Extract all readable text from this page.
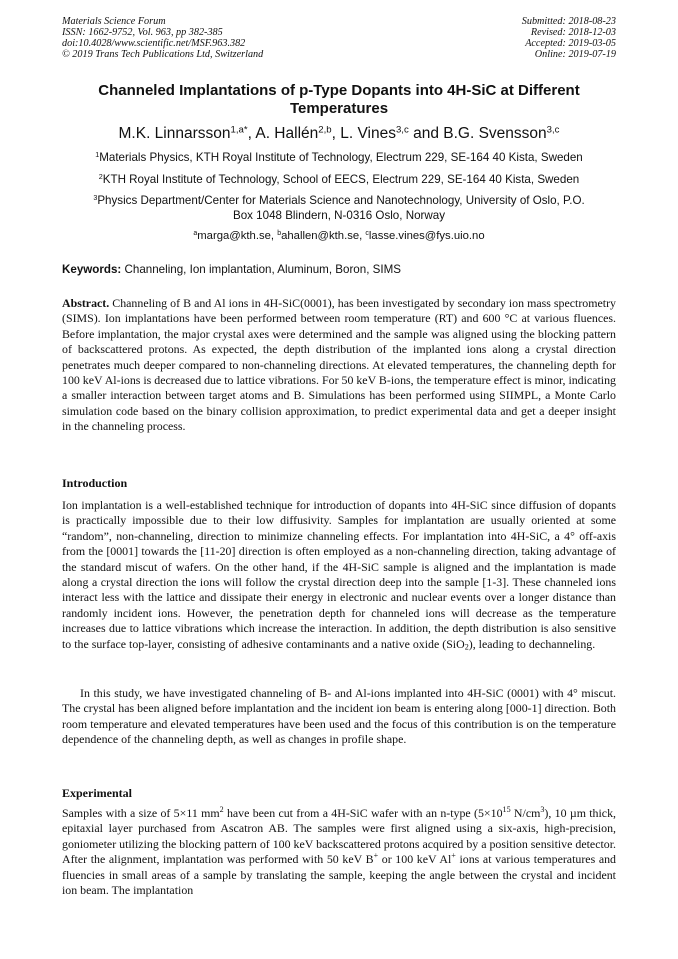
Materials Science Forum
ISSN: 1662-9752, Vol. 963, pp 382-385
doi:10.4028/www.scientific.net/MSF.963.382
© 2019 Trans Tech Publications Ltd, Switzerland
Submitted: 2018-08-23
Revised: 2018-12-03
Accepted: 2019-03-05
Online: 2019-07-19
Channeled Implantations of p-Type Dopants into 4H-SiC at Different Temperatures
M.K. Linnarsson$^{1,a*}$, A. Hallén$^{2,b}$, L. Vines$^{3,c}$ and B.G. Svensson$^{3,c}$
$^1$Materials Physics, KTH Royal Institute of Technology, Electrum 229, SE-164 40 Kista, Sweden
$^2$KTH Royal Institute of Technology, School of EECS, Electrum 229, SE-164 40 Kista, Sweden
$^3$Physics Department/Center for Materials Science and Nanotechnology, University of Oslo, P.O. Box 1048 Blindern, N-0316 Oslo, Norway
$^a$marga@kth.se, $^b$ahallen@kth.se, $^c$lasse.vines@fys.uio.no
Keywords: Channeling, Ion implantation, Aluminum, Boron, SIMS
Abstract. Channeling of B and Al ions in 4H-SiC(0001), has been investigated by secondary ion mass spectrometry (SIMS). Ion implantations have been performed between room temperature (RT) and 600 °C at various fluences. Before implantation, the major crystal axes were determined and the sample was aligned using the blocking pattern of backscattered protons. As expected, the depth distribution of the implanted ions along a crystal direction penetrates much deeper compared to non-channeling directions. At elevated temperatures, the channeling depth for 100 keV Al-ions is decreased due to lattice vibrations. For 50 keV B-ions, the temperature effect is minor, indicating a smaller interaction between target atoms and B. Simulations has been performed using SIIMPL, a Monte Carlo simulation code based on the binary collision approximation, to predict experimental data and get a deeper insight in the channeling process.
Introduction
Ion implantation is a well-established technique for introduction of dopants into 4H-SiC since diffusion of dopants is practically impossible due to their low diffusivity. Samples for implantation are usually oriented at some “random”, non-channeling, direction to minimize channeling effects. For implantation into 4H-SiC, a 4° off-axis from the [0001] towards the [11-20] direction is often employed as a non-channeling direction, taking advantage of the standard miscut of wafers. On the other hand, if the 4H-SiC sample is aligned and the implantation is made along a crystal direction the ions will follow the crystal direction deep into the sample [1-3]. These channeled ions interact less with the lattice and dissipate their energy in electronic and nuclear events over a longer distance than randomly incident ions. However, the penetration depth for channeled ions will decrease as the temperature increases due to lattice vibrations which increase the interaction. In addition, the depth distribution is also sensitive to the surface top-layer, consisting of adhesive contaminants and a native oxide (SiO$_2$), leading to dechanneling.
In this study, we have investigated channeling of B- and Al-ions implanted into 4H-SiC (0001) with 4° miscut. The crystal has been aligned before implantation and the incident ion beam is entering along [000-1] direction. Both room temperature and elevated temperatures have been used and the focus of this contribution is on the temperature dependence of the channeling depth, as well as changes in profile shape.
Experimental
Samples with a size of 5×11 $mm^2$ have been cut from a 4H-SiC wafer with an n-type ($5\times 10^{15}$ $N/cm^3$), 10 µm thick, epitaxial layer purchased from Ascatron AB. The samples were first aligned using a six-axis, high-precision, goniometer utilizing the blocking pattern of 100 keV backscattered protons acquired by a position sensitive detector. After the alignment, implantation was performed with 50 keV B+ or 100 keV Al+ ions at various temperatures and fluencies in small areas of a sample by translating the sample, keeping the angle between the crystal and incident ion beam. The implantation
